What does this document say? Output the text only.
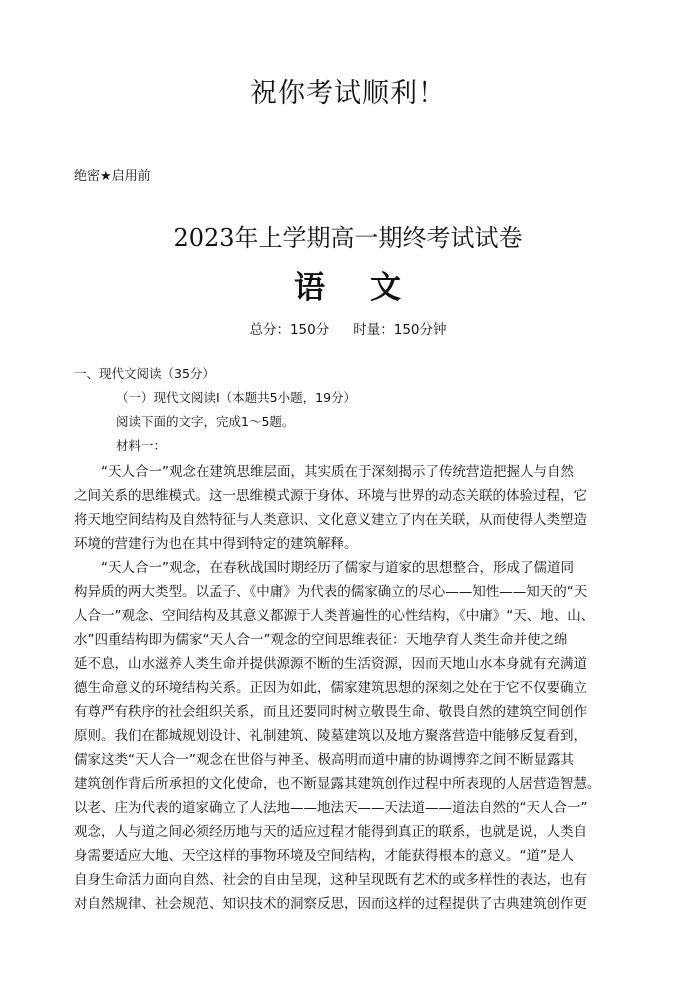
祝你考试顺利！
绝密★启用前
2023年上学期高一期终考试试卷
语 文
总分：150分 时量：150分钟
一、现代文阅读（35分）
（一）现代文阅读Ⅰ（本题共5小题，19分）
阅读下面的文字，完成1～5题。
材料一：
“天人合一”观念在建筑思维层面，其实质在于深刻揭示了传统营造把握人与自然
之间关系的思维模式。这一思维模式源于身体、环境与世界的动态关联的体验过程，它
将天地空间结构及自然特征与人类意识、文化意义建立了内在关联，从而使得人类塑造
环境的营建行为也在其中得到特定的建筑解释。
“天人合一”观念，在春秋战国时期经历了儒家与道家的思想整合，形成了儒道同
构异质的两大类型。以孟子、《中庸》为代表的儒家确立的尽心——知性——知天的“天
人合一”观念、空间结构及其意义都源于人类普遍性的心性结构，《中庸》“天、地、山、
水”四重结构即为儒家“天人合一”观念的空间思维表征：天地孕育人类生命并使之绵
延不息，山水滋养人类生命并提供源源不断的生活资源，因而天地山水本身就有充满道
德生命意义的环境结构关系。正因为如此，儒家建筑思想的深刻之处在于它不仅要确立
有尊严有秩序的社会组织关系，而且还要同时树立敬畏生命、敬畏自然的建筑空间创作
原则。我们在都城规划设计、礼制建筑、陵墓建筑以及地方聚落营造中能够反复看到，
儒家这类“天人合一”观念在世俗与神圣、极高明而道中庸的协调博弈之间不断显露其
建筑创作背后所承担的文化使命，也不断显露其建筑创作过程中所表现的人居营造智慧。
以老、庄为代表的道家确立了人法地——地法天——天法道——道法自然的“天人合一”
观念，人与道之间必须经历地与天的适应过程才能得到真正的联系，也就是说，人类自
身需要适应大地、天空这样的事物环境及空间结构，才能获得根本的意义。“道”是人
自身生命活力面向自然、社会的自由呈现，这种呈现既有艺术的或多样性的表达，也有
对自然规律、社会规范、知识技术的洞察反思，因而这样的过程提供了古典建筑创作更
